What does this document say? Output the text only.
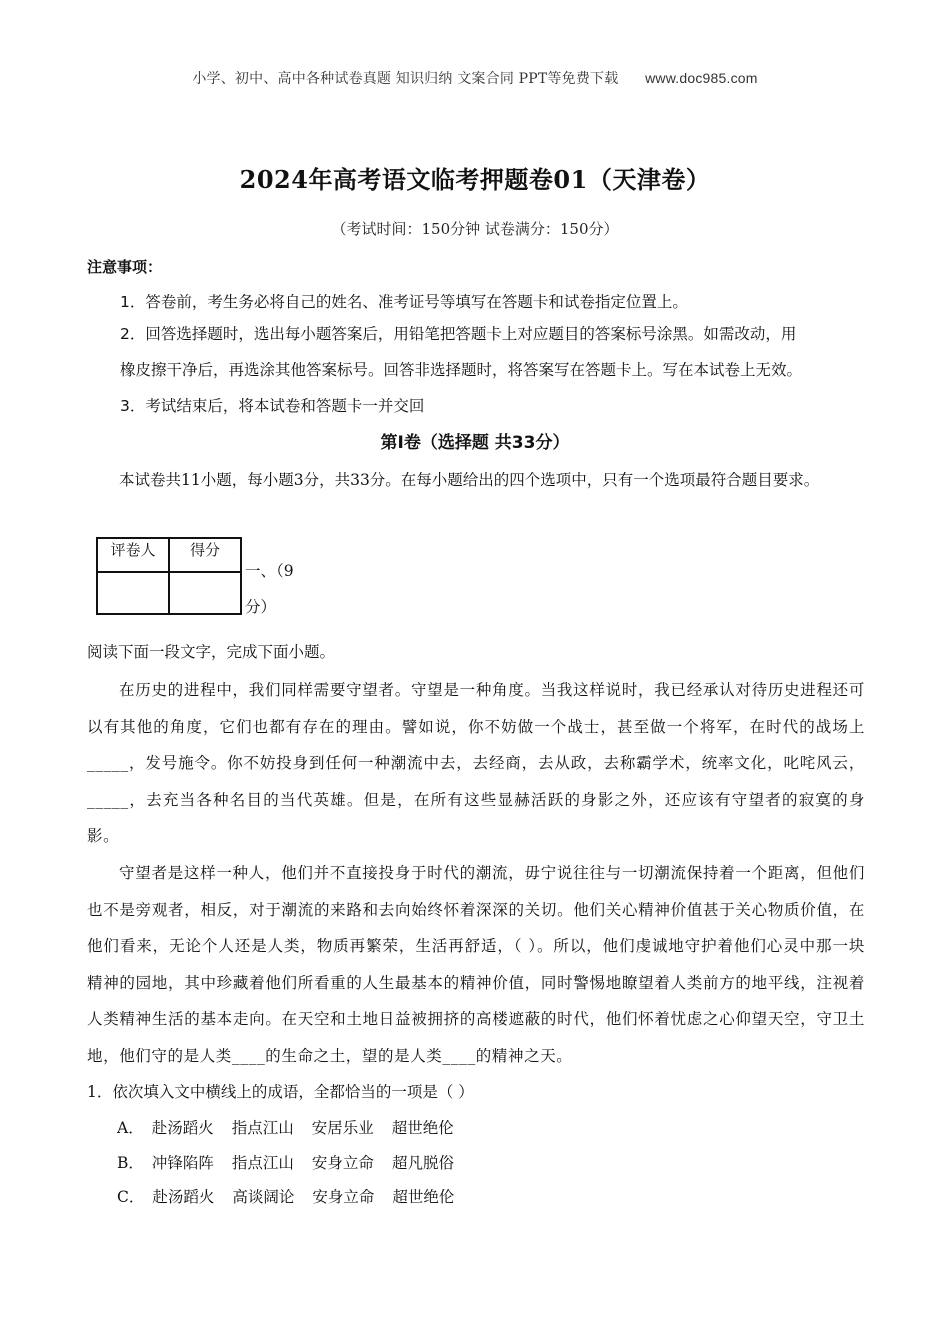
小学、初中、高中各种试卷真题 知识归纳 文案合同 PPT等免费下载 www.doc985.com
2024年高考语文临考押题卷01（天津卷）
（考试时间：150分钟 试卷满分：150分）
注意事项：
1．答卷前，考生务必将自己的姓名、准考证号等填写在答题卡和试卷指定位置上。
2．回答选择题时，选出每小题答案后，用铅笔把答题卡上对应题目的答案标号涂黑。如需改动，用
橡皮擦干净后，再选涂其他答案标号。回答非选择题时，将答案写在答题卡上。写在本试卷上无效。
3．考试结束后，将本试卷和答题卡一并交回
第Ⅰ卷（选择题 共33分）
本试卷共11小题，每小题3分，共33分。在每小题给出的四个选项中，只有一个选项最符合题目要求。
评卷人	得分

一、（9
分）
阅读下面一段文字，完成下面小题。
在历史的进程中，我们同样需要守望者。守望是一种角度。当我这样说时，我已经承认对待历史进程还可以有其他的角度，它们也都有存在的理由。譬如说，你不妨做一个战士，甚至做一个将军，在时代的战场上_____，发号施令。你不妨投身到任何一种潮流中去，去经商，去从政，去称霸学术，统率文化，叱咤风云，_____，去充当各种名目的当代英雄。但是，在所有这些显赫活跃的身影之外，还应该有守望者的寂寞的身影。
守望者是这样一种人，他们并不直接投身于时代的潮流，毋宁说往往与一切潮流保持着一个距离，但他们也不是旁观者，相反，对于潮流的来路和去向始终怀着深深的关切。他们关心精神价值甚于关心物质价值，在他们看来，无论个人还是人类，物质再繁荣，生活再舒适，（ ）。所以，他们虔诚地守护着他们心灵中那一块精神的园地，其中珍藏着他们所看重的人生最基本的精神价值，同时警惕地瞭望着人类前方的地平线，注视着人类精神生活的基本走向。在天空和土地日益被拥挤的高楼遮蔽的时代，他们怀着忧虑之心仰望天空，守卫土地，他们守的是人类____的生命之土，望的是人类____的精神之天。
1．依次填入文中横线上的成语，全都恰当的一项是（ ）
A． 赴汤蹈火 指点江山 安居乐业 超世绝伦
B． 冲锋陷阵 指点江山 安身立命 超凡脱俗
C． 赴汤蹈火 高谈阔论 安身立命 超世绝伦
